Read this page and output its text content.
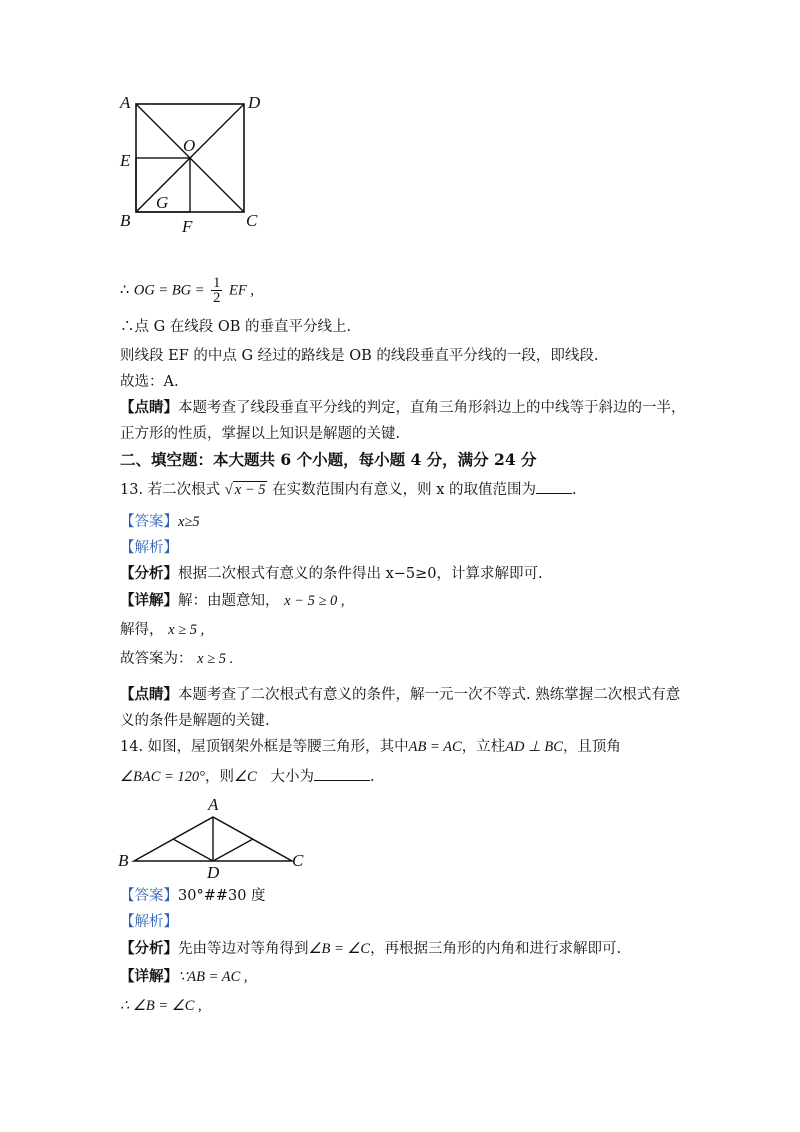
A	D
O
E
G
B	F	C
∴ OG = BG = $\frac{1}{2}$ EF ,
∴点 G 在线段 OB 的垂直平分线上.
则线段 EF 的中点 G 经过的路线是 OB 的线段垂直平分线的一段，即线段.
故选：A.
【点睛】本题考查了线段垂直平分线的判定，直角三角形斜边上的中线等于斜边的一半，
正方形的性质，掌握以上知识是解题的关键.
二、填空题：本大题共 6 个小题，每小题 4 分，满分 24 分
13. 若二次根式 √ x − 5 在实数范围内有意义，则 x 的取值范围为 .
【答案】x≥5
【解析】
【分析】根据二次根式有意义的条件得出 x−5≥0，计算求解即可.
【详解】解：由题意知， x − 5 ≥ 0 ,
解得， x ≥ 5 ,
故答案为： x ≥ 5 .
【点睛】本题考查了二次根式有意义的条件，解一元一次不等式. 熟练掌握二次根式有意
义的条件是解题的关键.
14. 如图，屋顶钢架外框是等腰三角形，其中AB = AC，立柱AD ⊥ BC，且顶角
∠BAC = 120°，则∠C 大小为	.
A
B
D
C
【答案】30°##30 度
【解析】
【分析】先由等边对等角得到∠B = ∠C，再根据三角形的内角和进行求解即可.
【详解】∵AB = AC ,
∴ ∠B = ∠C ,
